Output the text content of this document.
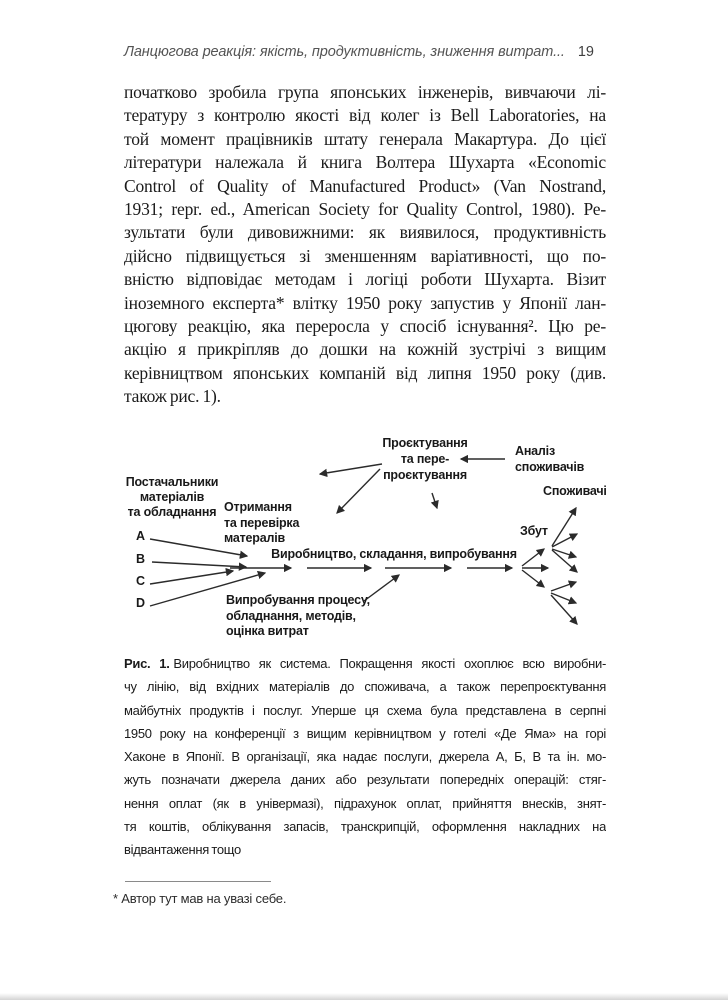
Ланцюгова реакція: якість, продуктивність, зниження витрат... 19
початково зробила група японських інженерів, вивчаючи лі-
тературу з контролю якості від колег із Bell Laboratories, на
той момент працівників штату генерала Макартура. До цієї
літератури належала й книга Волтера Шухарта «Economic
Control of Quality of Manufactured Product» (Van Nostrand,
1931; repr. ed., American Society for Quality Control, 1980). Ре-
зультати були дивовижними: як виявилося, продуктивність
дійсно підвищується зі зменшенням варіативності, що по-
вністю відповідає методам і логіці роботи Шухарта. Візит
іноземного експерта* влітку 1950 року запустив у Японії лан-
цюгову реакцію, яка переросла у спосіб існування². Цю ре-
акцію я прикріпляв до дошки на кожній зустрічі з вищим
керівництвом японських компаній від липня 1950 року (див.
також рис. 1).
Постачальники
матеріалів
та обладнання
A
B
C
D
Отримання
та перевірка
матералів
Виробництво, складання, випробування
Випробування процесу,
обладнання, методів,
оцінка витрат
Проєктування
та пере-
проєктування
Аналіз
споживачів
Споживачі
Збут
Рис. 1. Виробництво як система. Покращення якості охоплює всю виробни-
чу лінію, від вхідних матеріалів до споживача, а також перепроєктування
майбутніх продуктів і послуг. Уперше ця схема була представлена в серпні
1950 року на конференції з вищим керівництвом у готелі «Де Яма» на горі
Хаконе в Японії. В організації, яка надає послуги, джерела А, Б, В та ін. мо-
жуть позначати джерела даних або результати попередніх операцій: стяг-
нення оплат (як в універмазі), підрахунок оплат, прийняття внесків, знят-
тя коштів, облікування запасів, транскрипцій, оформлення накладних на
відвантаження тощо
* Автор тут мав на увазі себе.
